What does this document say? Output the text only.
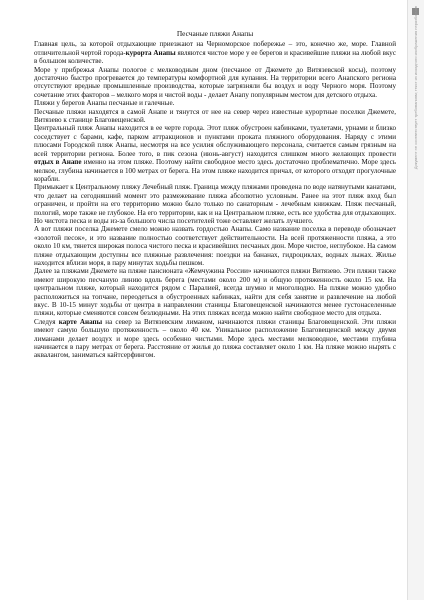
Песчаные пляжи Анапы

Главная цель, за которой отдыхающие приезжают на Черноморское побережье – это, конечно же, море. Главной отличительной чертой города-курорта Анапы являются чистое море у ее берегов и красивейшие пляжи на любой вкус в большом количестве.

Море у прибрежья Анапы пологое с мелководным дном (песчаное от Джемете до Витязевской косы), поэтому достаточно быстро прогревается до температуры комфортной для купания. На территории всего Анапского региона отсутствуют вредные промышленные производства, которые загрязняли бы воздух и воду Черного моря. Поэтому сочетание этих факторов – мелкого моря и чистой воды - делает Анапу популярным местом для детского отдыха.

Пляжи у берегов Анапы песчаные и галечные.

Песчаные пляжи находятся в самой Анапе и тянутся от нее на север через известные курортные поселки Джемете, Витязево к станице Благовещенской.

Центральный пляж Анапы находится в ее черте города. Этот пляж обустроен кабинками, туалетами, урнами и близко соседствует с барами, кафе, парком аттракционов и пунктами проката пляжного оборудования. Наряду с этими плюсами Городской пляж Анапы, несмотря на все усилия обслуживающего персонала, считается самым грязным на всей территории региона. Более того, в пик сезона (июнь-август) находится слишком много желающих провести отдых в Анапе именно на этом пляже. Поэтому найти свободное место здесь достаточно проблематично. Море здесь мелкое, глубина начинается в 100 метрах от берега. На этом пляже находится причал, от которого отходят прогулочные корабли.

Примыкает к Центральному пляжу Лечебный пляж. Граница между пляжами проведена по воде натянутыми канатами, что делает на сегодняшний момент это размежевание пляжа абсолютно условным. Ранее на этот пляж вход был ограничен, и пройти на его территорию можно было только по санаторным - лечебным книжкам. Пляж песчаный, пологий, море также не глубокое. На его территории, как и на Центральном пляже, есть все удобства для отдыхающих. Но чистота песка и воды из-за большого числа посетителей тоже оставляет желать лучшего.

А вот пляжи поселка Джемете смело можно назвать гордостью Анапы. Само название поселка в переводе обозначает «золотой песок», и это название полностью соответствует действительности. На всей протяженности пляжа, а это около 10 км, тянется широкая полоса чистого песка и красивейших песчаных дюн. Море чистое, неглубокое. На самом пляже отдыхающим доступны все пляжные развлечения: поездки на бананах, гидроциклах, водных лыжах. Жилье находится вблизи моря, в пару минутах ходьбы пешком.

Далее за пляжами Джемете на пляже пансионата «Жемчужина России» начинаются пляжи Витязево. Эти пляжи также имеют широкую песчаную линию вдоль берега (местами около 200 м) и общую протяженность около 15 км. На центральном пляже, который находится рядом с Паралией, всегда шумно и многолюдно. На пляже можно удобно расположиться на топчане, переодеться в обустроенных кабинках, найти для себя занятие и развлечение на любой вкус. В 10-15 минут ходьбы от центра в направлении станицы Благовещенской начинаются менее густонаселенные пляжи, которые сменяются совсем безлюдными. На этих пляжах всегда можно найти свободное место для отдыха.

Следуя карте Анапы на север за Витязевским лиманом, начинаются пляжи станицы Благовещенской. Эти пляжи имеют самую большую протяженность – около 40 км. Уникальное расположение Благовещенской между двумя лиманами делает воздух и море здесь особенно чистыми. Море здесь местами мелководное, местами глубина начинается в пару метрах от берега. Расстояние от жилья до пляжа составляет около 1 км. На пляже можно нырять с аквалангом, заниматься кайтсерфингом.

Документ не соответствует требованиям; текст из исходного изображения неразборчив
